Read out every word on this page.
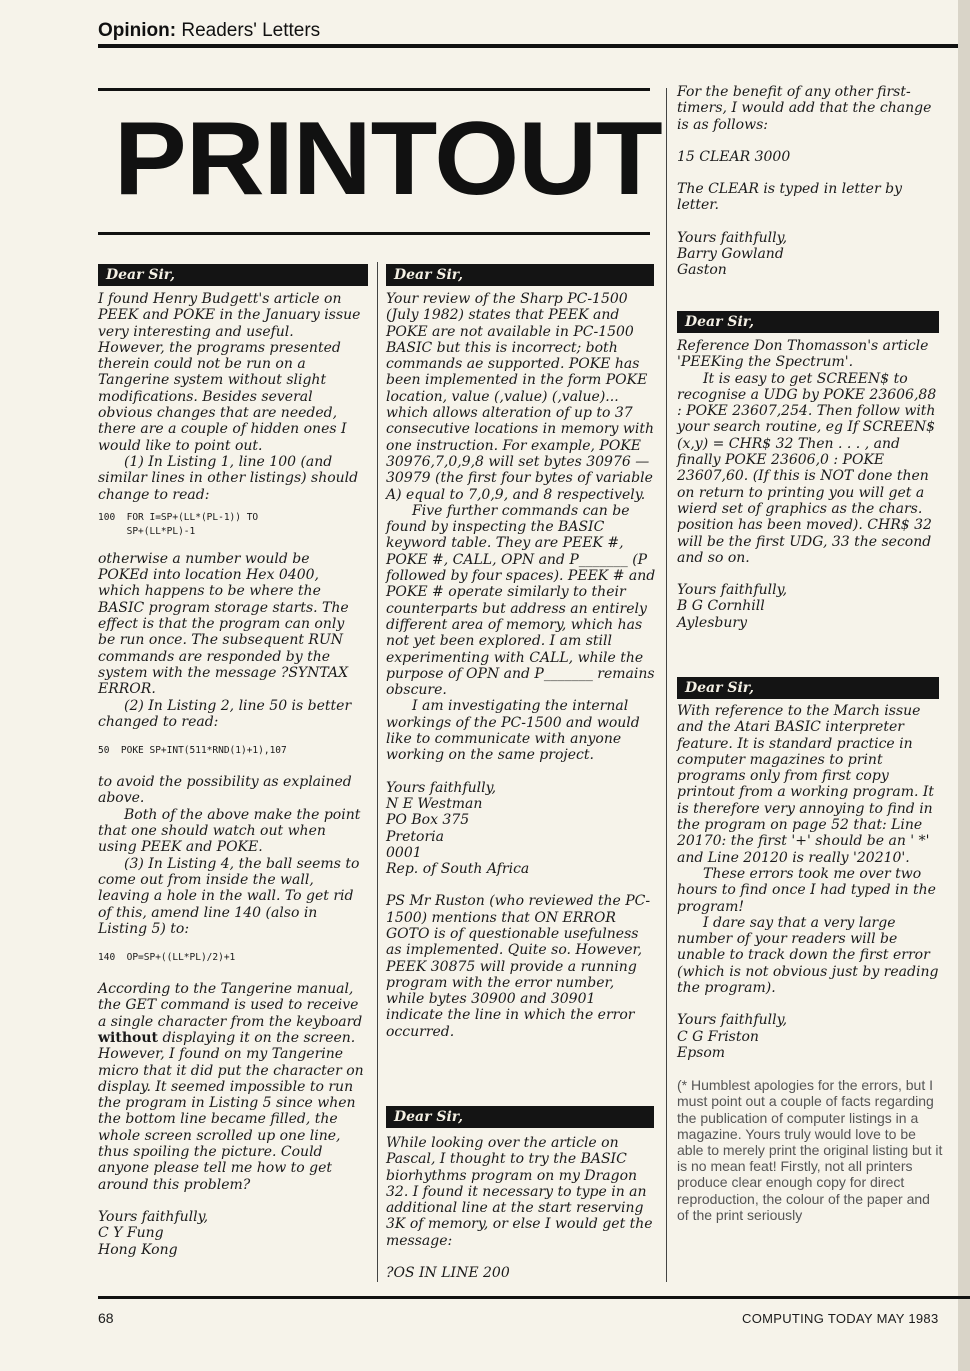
Opinion: Readers' Letters
PRINTOUT
Dear Sir,

I found Henry Budgett's article on PEEK and POKE in the January issue very interesting and useful. However, the programs presented therein could not be run on a Tangerine system without slight modifications. Besides several obvious changes that are needed, there are a couple of hidden ones I would like to point out.

(1) In Listing 1, line 100 (and similar lines in other listings) should change to read:

100  FOR I=SP+(LL*(PL-1)) TO
SP+(LL*PL)-1

otherwise a number would be POKEd into location Hex 0400, which happens to be where the BASIC program storage starts. The effect is that the program can only be run once. The subsequent RUN commands are responded by the system with the message ?SYNTAX ERROR.

(2) In Listing 2, line 50 is better changed to read:

50  POKE SP+INT(511*RND(1)+1),107

to avoid the possibility as explained above.

Both of the above make the point that one should watch out when using PEEK and POKE.

(3) In Listing 4, the ball seems to come out from inside the wall, leaving a hole in the wall. To get rid of this, amend line 140 (also in Listing 5) to:

140  OP=SP+((LL*PL)/2)+1

According to the Tangerine manual, the GET command is used to receive a single character from the keyboard without displaying it on the screen. However, I found on my Tangerine micro that it did put the character on display. It seemed impossible to run the program in Listing 5 since when the bottom line became filled, the whole screen scrolled up one line, thus spoiling the picture. Could anyone please tell me how to get around this problem?

Yours faithfully,

C Y Fung

Hong Kong

Dear Sir,

Your review of the Sharp PC-1500 (July 1982) states that PEEK and POKE are not available in PC-1500 BASIC but this is incorrect; both commands ae supported. POKE has been implemented in the form POKE location, value (,value) (,value)... which allows alteration of up to 37 consecutive locations in memory with one instruction. For example, POKE 30976,7,0,9,8 will set bytes 30976 — 30979 (the first four bytes of variable A) equal to 7,0,9, and 8 respectively.

Five further commands can be found by inspecting the BASIC keyword table. They are PEEK #, POKE #, CALL, OPN and P_______ (P followed by four spaces). PEEK # and POKE # operate similarly to their counterparts but address an entirely different area of memory, which has not yet been explored. I am still experimenting with CALL, while the purpose of OPN and P_______ remains obscure.

I am investigating the internal workings of the PC-1500 and would like to communicate with anyone working on the same project.

Yours faithfully,

N E Westman

PO Box 375

Pretoria

0001

Rep. of South Africa

PS Mr Ruston (who reviewed the PC-1500) mentions that ON ERROR GOTO is of questionable usefulness as implemented. Quite so. However, PEEK 30875 will provide a running program with the error number, while bytes 30900 and 30901 indicate the line in which the error occurred.

Dear Sir,

While looking over the article on Pascal, I thought to try the BASIC biorhythms program on my Dragon 32. I found it necessary to type in an additional line at the start reserving 3K of memory, or else I would get the message:

?OS IN LINE 200

For the benefit of any other first-timers, I would add that the change is as follows:

15 CLEAR 3000

The CLEAR is typed in letter by letter.

Yours faithfully,

Barry Gowland

Gaston

Dear Sir,

Reference Don Thomasson's article 'PEEKing the Spectrum'.

It is easy to get SCREEN$ to recognise a UDG by POKE 23606,88 : POKE 23607,254. Then follow with your search routine, eg If SCREEN$ (x,y) = CHR$ 32 Then . . . , and finally POKE 23606,0 : POKE 23607,60. (If this is NOT done then on return to printing you will get a wierd set of graphics as the chars. position has been moved). CHR$ 32 will be the first UDG, 33 the second and so on.

Yours faithfully,

B G Cornhill

Aylesbury

Dear Sir,

With reference to the March issue and the Atari BASIC interpreter feature. It is standard practice in computer magazines to print programs only from first copy printout from a working program. It is therefore very annoying to find in the program on page 52 that: Line 20170: the first '+' should be an ' *' and Line 20120 is really '20210'.

These errors took me over two hours to find once I had typed in the program!

I dare say that a very large number of your readers will be unable to track down the first error (which is not obvious just by reading the program).

Yours faithfully,

C G Friston

Epsom

(* Humblest apologies for the errors, but I must point out a couple of facts regarding the publication of computer listings in a magazine. Yours truly would love to be able to merely print the original listing but it is no mean feat! Firstly, not all printers produce clear enough copy for direct reproduction, the colour of the paper and of the print seriously

68	COMPUTING TODAY MAY 1983
